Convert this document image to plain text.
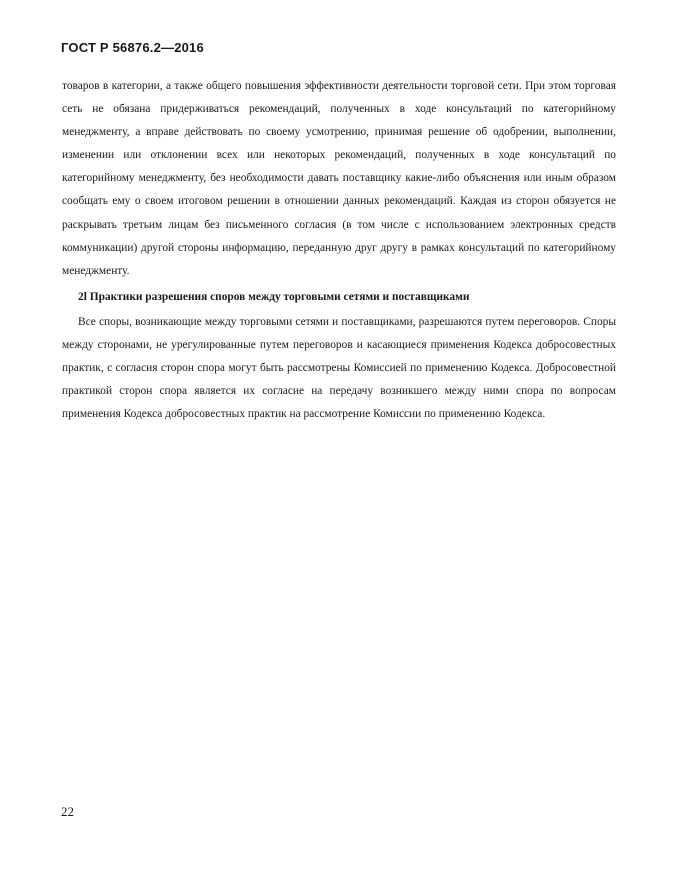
ГОСТ Р 56876.2—2016

товаров в категории, а также общего повышения эффективности деятельности торговой сети. При этом торговая сеть не обязана придерживаться рекомендаций, полученных в ходе консультаций по категорийному менеджменту, а вправе действовать по своему усмотрению, принимая решение об одобрении, выполнении, изменении или отклонении всех или некоторых рекомендаций, полученных в ходе консультаций по категорийному менеджменту, без необходимости давать поставщику какие-либо объяснения или иным образом сообщать ему о своем итоговом решении в отношении данных рекомендаций. Каждая из сторон обязуется не раскрывать третьим лицам без письменного согласия (в том числе с использованием электронных средств коммуникации) другой стороны информацию, переданную друг другу в рамках консультаций по категорийному менеджменту.

2l Практики разрешения споров между торговыми сетями и поставщиками

Все споры, возникающие между торговыми сетями и поставщиками, разрешаются путем переговоров. Споры между сторонами, не урегулированные путем переговоров и касающиеся применения Кодекса добросовестных практик, с согласия сторон спора могут быть рассмотрены Комиссией по применению Кодекса. Добросовестной практикой сторон спора является их согласие на передачу возникшего между ними спора по вопросам применения Кодекса добросовестных практик на рассмотрение Комиссии по применению Кодекса.

22
